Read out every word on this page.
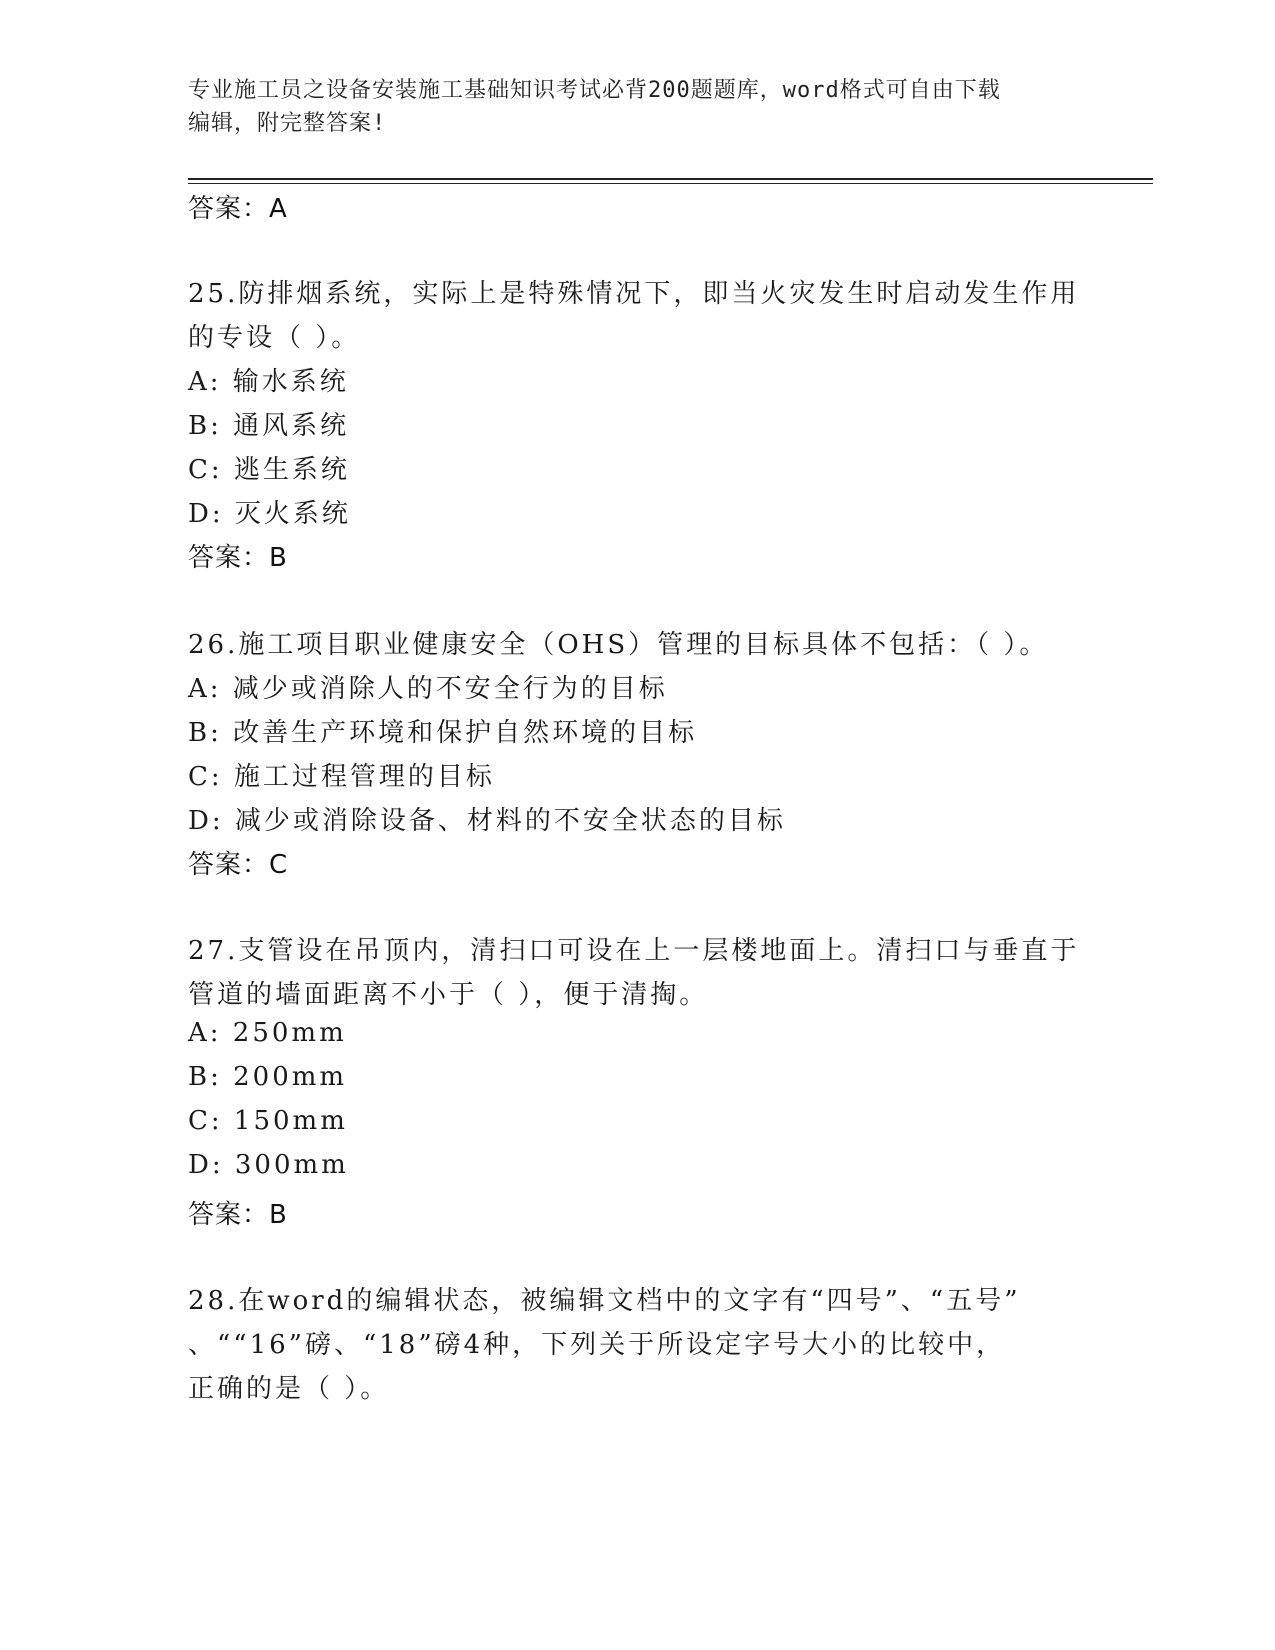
专业施工员之设备安装施工基础知识考试必背200题题库，word格式可自由下载
编辑，附完整答案!
答案：A
25.防排烟系统，实际上是特殊情况下，即当火灾发生时启动发生作用
的专设（ ）。
A: 输水系统
B: 通风系统
C: 逃生系统
D: 灭火系统
答案：B
26.施工项目职业健康安全（OHS）管理的目标具体不包括：（ ）。
A: 减少或消除人的不安全行为的目标
B: 改善生产环境和保护自然环境的目标
C: 施工过程管理的目标
D: 减少或消除设备、材料的不安全状态的目标
答案：C
27.支管设在吊顶内，清扫口可设在上一层楼地面上。清扫口与垂直于
管道的墙面距离不小于（ ），便于清掏。
A: 250mm
B: 200mm
C: 150mm
D: 300mm
答案：B
28.在word的编辑状态，被编辑文档中的文字有“四号”、“五号”
、““16”磅、“18”磅4种，下列关于所设定字号大小的比较中，
正确的是（ ）。
